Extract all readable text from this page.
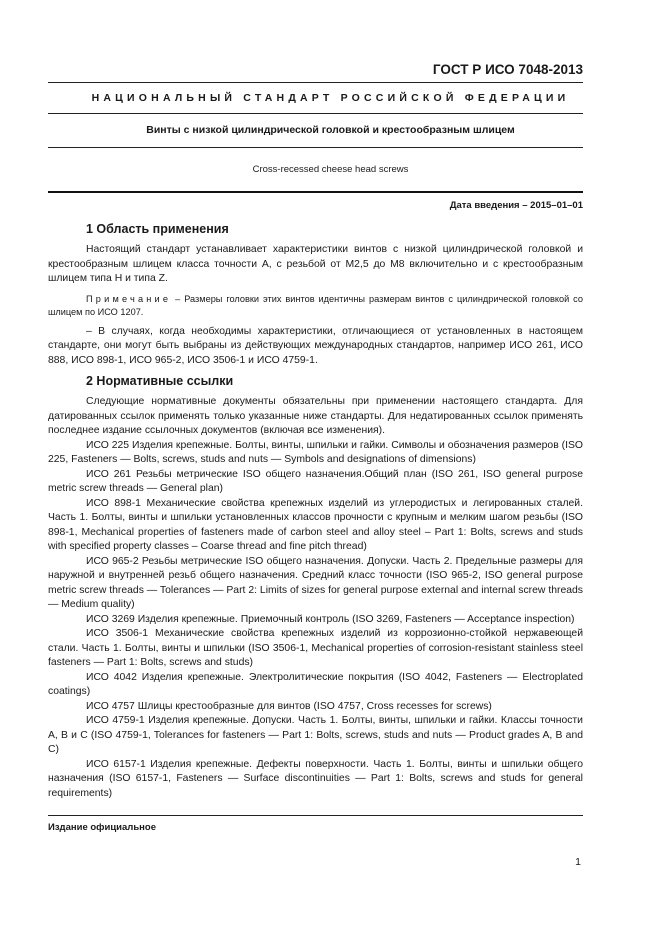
ГОСТ Р ИСО 7048-2013
НАЦИОНАЛЬНЫЙ СТАНДАРТ РОССИЙСКОЙ ФЕДЕРАЦИИ
Винты с низкой цилиндрической головкой и крестообразным шлицем
Cross-recessed cheese head screws
Дата введения – 2015–01–01
1 Область применения

Настоящий стандарт устанавливает характеристики винтов с низкой цилиндрической головкой и крестообразным шлицем класса точности А, с резьбой от М2,5 до М8 включительно и с крестообразным шлицем типа Н и типа Z.

Примечание – Размеры головки этих винтов идентичны размерам винтов с цилиндрической головкой со шлицем по ИСО 1207.

– В случаях, когда необходимы характеристики, отличающиеся от установленных в настоящем стандарте, они могут быть выбраны из действующих международных стандартов, например ИСО 261, ИСО 888, ИСО 898-1, ИСО 965-2, ИСО 3506-1 и ИСО 4759-1.

2 Нормативные ссылки

Следующие нормативные документы обязательны при применении настоящего стандарта. Для датированных ссылок применять только указанные ниже стандарты. Для недатированных ссылок применять последнее издание ссылочных документов (включая все изменения).

ИСО 225 Изделия крепежные. Болты, винты, шпильки и гайки. Символы и обозначения размеров (ISO 225, Fasteners — Bolts, screws, studs and nuts — Symbols and designations of dimensions)

ИСО 261 Резьбы метрические ISO общего назначения.Общий план (ISO 261, ISO general purpose metric screw threads — General plan)

ИСО 898-1 Механические свойства крепежных изделий из углеродистых и легированных сталей. Часть 1. Болты, винты и шпильки установленных классов прочности с крупным и мелким шагом резьбы (ISO 898-1, Mechanical properties of fasteners made of carbon steel and alloy steel – Part 1: Bolts, screws and studs with specified property classes – Coarse thread and fine pitch thread)

ИСО 965-2 Резьбы метрические ISO общего назначения. Допуски. Часть 2. Предельные размеры для наружной и внутренней резьб общего назначения. Средний класс точности (ISO 965-2, ISO general purpose metric screw threads — Tolerances — Part 2: Limits of sizes for general purpose external and internal screw threads — Medium quality)

ИСО 3269 Изделия крепежные. Приемочный контроль (ISO 3269, Fasteners — Acceptance inspection)

ИСО 3506-1 Механические свойства крепежных изделий из коррозионно-стойкой нержавеющей стали. Часть 1. Болты, винты и шпильки (ISO 3506-1, Mechanical properties of corrosion-resistant stainless steel fasteners — Part 1: Bolts, screws and studs)

ИСО 4042 Изделия крепежные. Электролитические покрытия (ISO 4042, Fasteners — Electroplated coatings)

ИСО 4757 Шлицы крестообразные для винтов (ISO 4757, Cross recesses for screws)

ИСО 4759-1 Изделия крепежные. Допуски. Часть 1. Болты, винты, шпильки и гайки. Классы точности A, B и C (ISO 4759-1, Tolerances for fasteners — Part 1: Bolts, screws, studs and nuts — Product grades A, B and C)

ИСО 6157-1 Изделия крепежные. Дефекты поверхности. Часть 1. Болты, винты и шпильки общего назначения (ISO 6157-1, Fasteners — Surface discontinuities — Part 1: Bolts, screws and studs for general requirements)

Издание официальное
1
